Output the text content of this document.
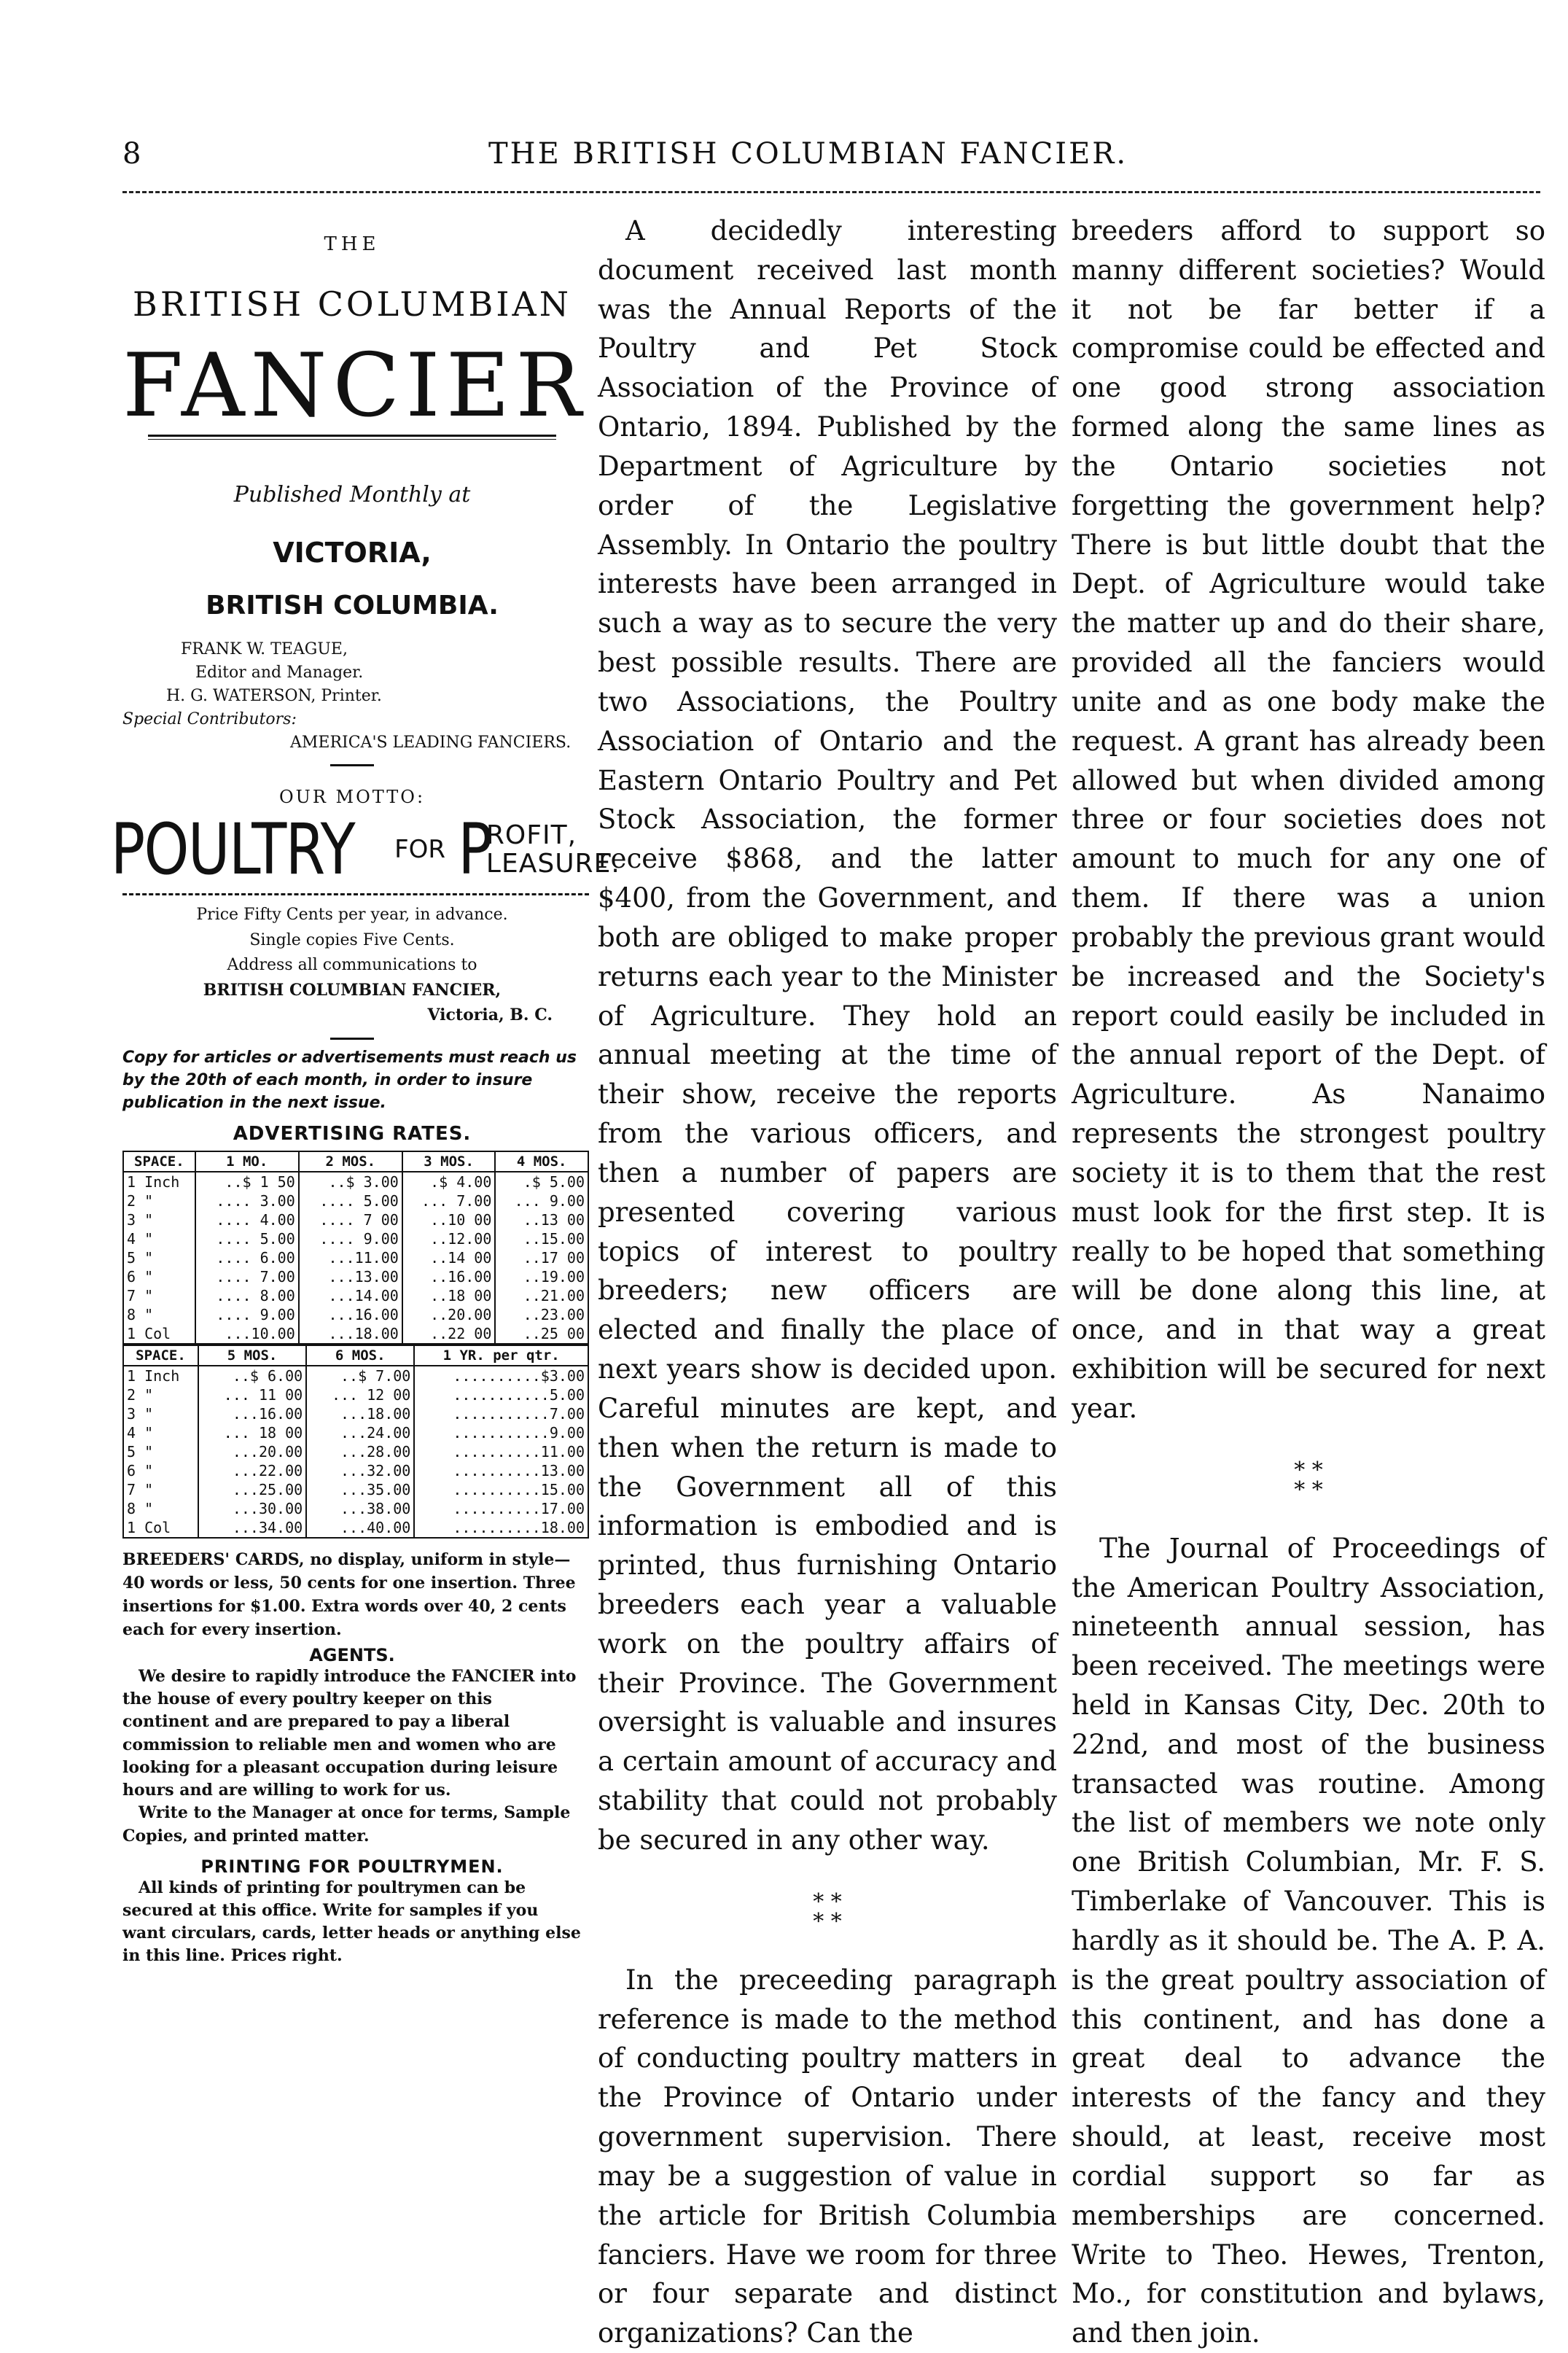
8	THE BRITISH COLUMBIAN FANCIER.

THE

BRITISH COLUMBIAN

FANCIER

Published Monthly at

VICTORIA,

BRITISH COLUMBIA.

FRANK W. TEAGUE,
Editor and Manager.
H. G. WATERSON, Printer.
Special Contributors:
AMERICA'S LEADING FANCIERS.

OUR MOTTO:

POULTRY FOR P
ROFIT,
LEASURE.

Price Fifty Cents per year, in advance.

Single copies Five Cents.

Address all communications to

BRITISH COLUMBIAN FANCIER,

Victoria, B. C.

Copy for articles or advertisements must reach us by the 20th of each month, in order to insure publication in the next issue.

ADVERTISING RATES.

SPACE.	1 MO.	2 MOS.	3 MOS.	4 MOS.
1 Inch	..$ 1 50	..$ 3.00	.$ 4.00	.$ 5.00
2 "	.... 3.00	.... 5.00	... 7.00	... 9.00
3 "	.... 4.00	.... 7 00	..10 00	..13 00
4 "	.... 5.00	.... 9.00	..12.00	..15.00
5 "	.... 6.00	...11.00	..14 00	..17 00
6 "	.... 7.00	...13.00	..16.00	..19.00
7 "	.... 8.00	...14.00	..18 00	..21.00
8 "	.... 9.00	...16.00	..20.00	..23.00
1 Col	...10.00	...18.00	..22 00	..25 00
SPACE.	5 MOS.	6 MOS.	1 YR. per qtr.
1 Inch	..$ 6.00	..$ 7.00	..........$3.00
2 "	... 11 00	... 12 00	...........5.00
3 "	...16.00	...18.00	...........7.00
4 "	... 18 00	...24.00	...........9.00
5 "	...20.00	...28.00	..........11.00
6 "	...22.00	...32.00	..........13.00
7 "	...25.00	...35.00	..........15.00
8 "	...30.00	...38.00	..........17.00
1 Col	...34.00	...40.00	..........18.00

BREEDERS' CARDS, no display, uniform in style—40 words or less, 50 cents for one insertion. Three insertions for $1.00. Extra words over 40, 2 cents each for every insertion.

AGENTS.

We desire to rapidly introduce the FANCIER into the house of every poultry keeper on this continent and are prepared to pay a liberal commission to reliable men and women who are looking for a pleasant occupation during leisure hours and are willing to work for us.

Write to the Manager at once for terms, Sample Copies, and printed matter.

PRINTING FOR POULTRYMEN.

All kinds of printing for poultrymen can be secured at this office. Write for samples if you want circulars, cards, letter heads or anything else in this line. Prices right.

A decidedly interesting document received last month was the Annual Reports of the Poultry and Pet Stock Association of the Province of Ontario, 1894. Published by the Department of Agriculture by order of the Legislative Assembly. In Ontario the poultry interests have been arranged in such a way as to secure the very best possible results. There are two Associations, the Poultry Association of Ontario and the Eastern Ontario Poultry and Pet Stock Association, the former receive $868, and the latter $400, from the Government, and both are obliged to make proper returns each year to the Minister of Agriculture. They hold an annual meeting at the time of their show, receive the reports from the various officers, and then a number of papers are presented covering various topics of interest to poultry breeders; new officers are elected and finally the place of next years show is decided upon. Careful minutes are kept, and then when the return is made to the Government all of this information is embodied and is printed, thus furnishing Ontario breeders each year a valuable work on the poultry affairs of their Province. The Government oversight is valuable and insures a certain amount of accuracy and stability that could not probably be secured in any other way.

* *
* *

In the preceeding paragraph reference is made to the method of conducting poultry matters in the Province of Ontario under government supervision. There may be a suggestion of value in the article for British Columbia fanciers. Have we room for three or four separate and distinct organizations? Can the

breeders afford to support so manny different societies? Would it not be far better if a compromise could be effected and one good strong association formed along the same lines as the Ontario societies not forgetting the government help? There is but little doubt that the Dept. of Agriculture would take the matter up and do their share, provided all the fanciers would unite and as one body make the request. A grant has already been allowed but when divided among three or four societies does not amount to much for any one of them. If there was a union probably the previous grant would be increased and the Society's report could easily be included in the annual report of the Dept. of Agriculture. As Nanaimo represents the strongest poultry society it is to them that the rest must look for the first step. It is really to be hoped that something will be done along this line, at once, and in that way a great exhibition will be secured for next year.

* *
* *

The Journal of Proceedings of the American Poultry Association, nineteenth annual session, has been received. The meetings were held in Kansas City, Dec. 20th to 22nd, and most of the business transacted was routine. Among the list of members we note only one British Columbian, Mr. F. S. Timberlake of Vancouver. This is hardly as it should be. The A. P. A. is the great poultry association of this continent, and has done a great deal to advance the interests of the fancy and they should, at least, receive most cordial support so far as memberships are concerned. Write to Theo. Hewes, Trenton, Mo., for constitution and bylaws, and then join.
